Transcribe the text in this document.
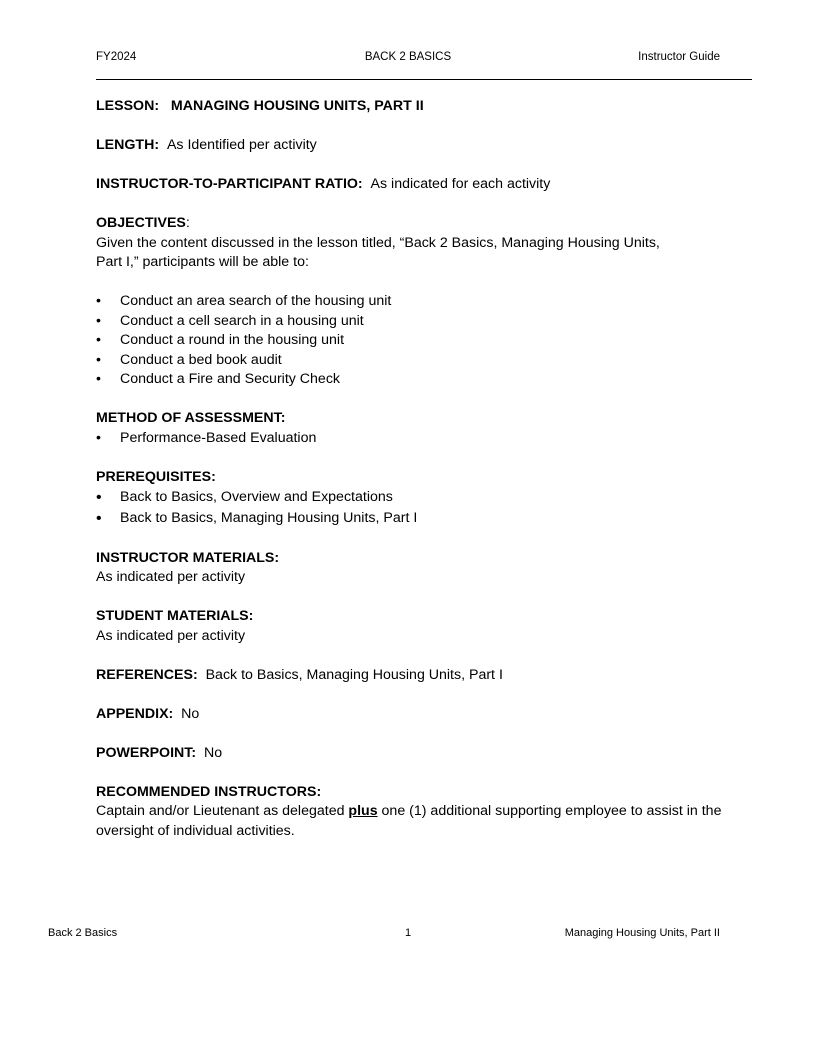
FY2024	BACK 2 BASICS	Instructor Guide

LESSON: MANAGING HOUSING UNITS, PART II

LENGTH: As Identified per activity

INSTRUCTOR-TO-PARTICIPANT RATIO: As indicated for each activity

OBJECTIVES:

Given the content discussed in the lesson titled, “Back 2 Basics, Managing Housing Units, Part I,” participants will be able to:

•	Conduct an area search of the housing unit
•	Conduct a cell search in a housing unit
•	Conduct a round in the housing unit
•	Conduct a bed book audit
•	Conduct a Fire and Security Check

METHOD OF ASSESSMENT:

•	Performance-Based Evaluation

PREREQUISITES:

•	Back to Basics, Overview and Expectations
•	Back to Basics, Managing Housing Units, Part I

INSTRUCTOR MATERIALS:

As indicated per activity

STUDENT MATERIALS:

As indicated per activity

REFERENCES: Back to Basics, Managing Housing Units, Part I

APPENDIX: No

POWERPOINT: No

RECOMMENDED INSTRUCTORS:

Captain and/or Lieutenant as delegated plus one (1) additional supporting employee to assist in the oversight of individual activities.

Back 2 Basics	1	Managing Housing Units, Part II
